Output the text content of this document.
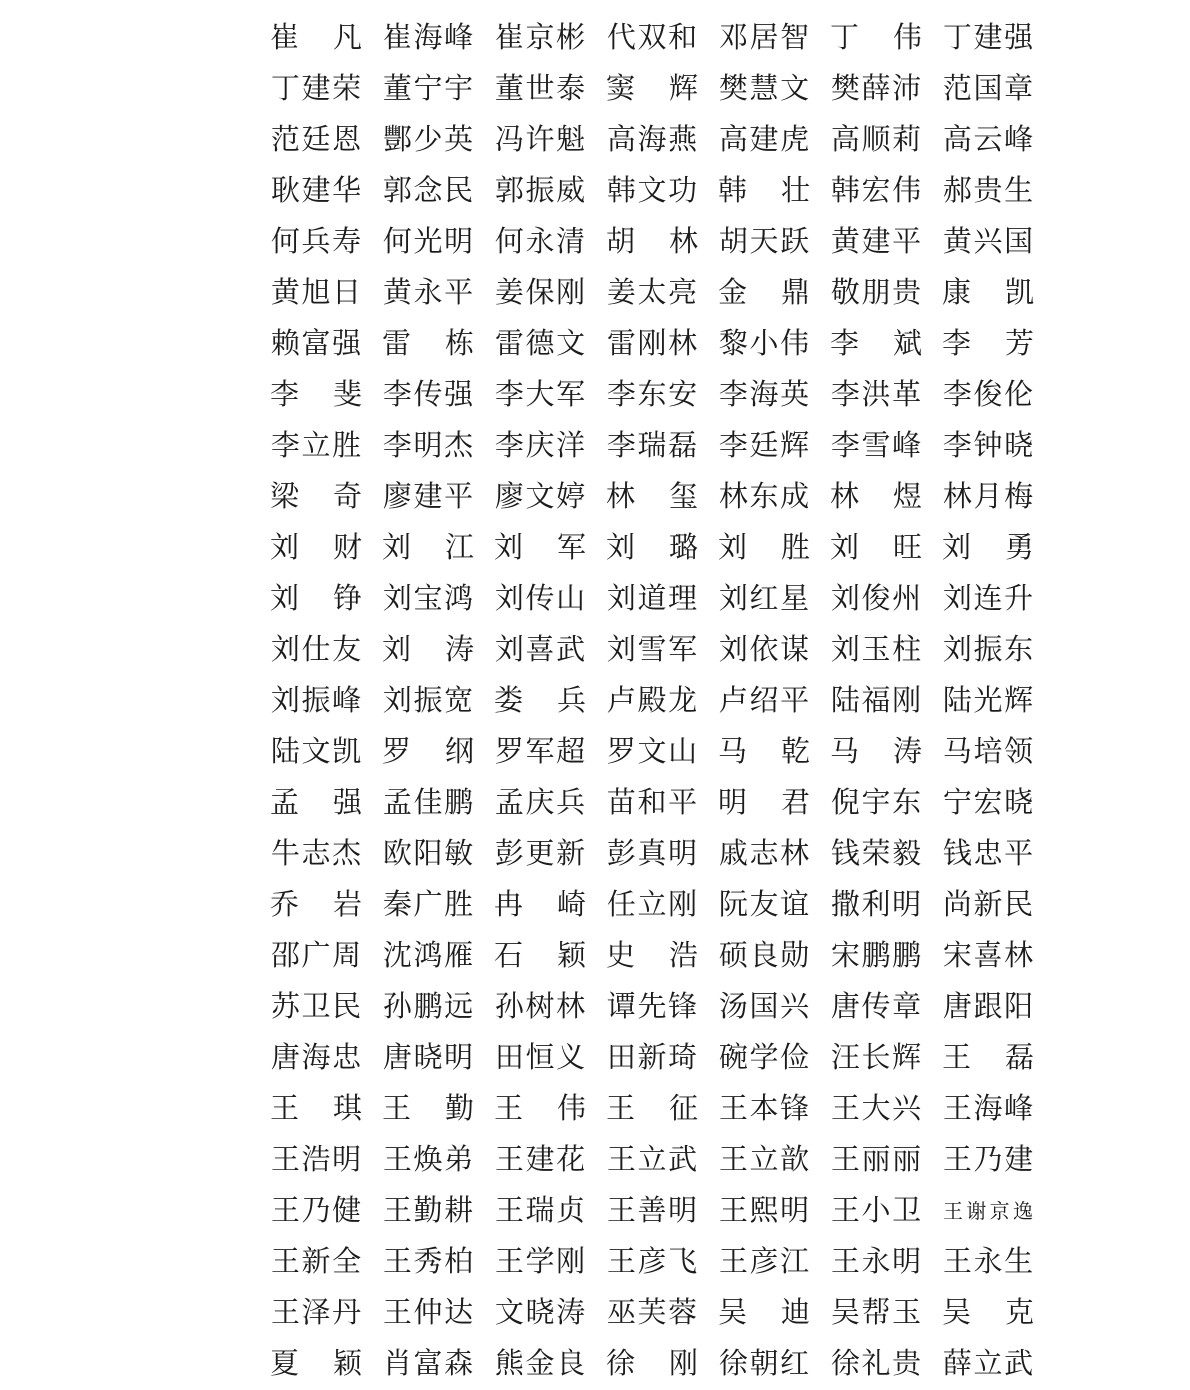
崔 凡 崔 海 峰 崔 京 彬 代 双 和 邓 居 智 丁 伟 丁 建 强
丁 建 荣 董 宁 宇 董 世 泰 窦 辉 樊 慧 文 樊 薛 沛 范 国 章
范 廷 恩 酆 少 英 冯 许 魁 高 海 燕 高 建 虎 高 顺 莉 高 云 峰
耿 建 华 郭 念 民 郭 振 威 韩 文 功 韩 壮 韩 宏 伟 郝 贵 生
何 兵 寿 何 光 明 何 永 清 胡 林 胡 天 跃 黄 建 平 黄 兴 国
黄 旭 日 黄 永 平 姜 保 刚 姜 太 亮 金 鼎 敬 朋 贵 康 凯
赖 富 强 雷 栋 雷 德 文 雷 刚 林 黎 小 伟 李 斌 李 芳
李 斐 李 传 强 李 大 军 李 东 安 李 海 英 李 洪 革 李 俊 伦
李 立 胜 李 明 杰 李 庆 洋 李 瑞 磊 李 廷 辉 李 雪 峰 李 钟 晓
梁 奇 廖 建 平 廖 文 婷 林 玺 林 东 成 林 煜 林 月 梅
刘 财 刘 江 刘 军 刘 璐 刘 胜 刘 旺 刘 勇
刘 铮 刘 宝 鸿 刘 传 山 刘 道 理 刘 红 星 刘 俊 州 刘 连 升
刘 仕 友 刘 涛 刘 喜 武 刘 雪 军 刘 依 谋 刘 玉 柱 刘 振 东
刘 振 峰 刘 振 宽 娄 兵 卢 殿 龙 卢 绍 平 陆 福 刚 陆 光 辉
陆 文 凯 罗 纲 罗 军 超 罗 文 山 马 乾 马 涛 马 培 领
孟 强 孟 佳 鹏 孟 庆 兵 苗 和 平 明 君 倪 宇 东 宁 宏 晓
牛 志 杰 欧 阳 敏 彭 更 新 彭 真 明 戚 志 林 钱 荣 毅 钱 忠 平
乔 岩 秦 广 胜 冉 崎 任 立 刚 阮 友 谊 撒 利 明 尚 新 民
邵 广 周 沈 鸿 雁 石 颖 史 浩 硕 良 勋 宋 鹏 鹏 宋 喜 林
苏 卫 民 孙 鹏 远 孙 树 林 谭 先 锋 汤 国 兴 唐 传 章 唐 跟 阳
唐 海 忠 唐 晓 明 田 恒 义 田 新 琦 碗 学 俭 汪 长 辉 王 磊
王 琪 王 勤 王 伟 王 征 王 本 锋 王 大 兴 王 海 峰
王 浩 明 王 焕 弟 王 建 花 王 立 武 王 立 歆 王 丽 丽 王 乃 建
王 乃 健 王 勤 耕 王 瑞 贞 王 善 明 王 熙 明 王 小 卫 王 谢 京 逸
王 新 全 王 秀 柏 王 学 刚 王 彦 飞 王 彦 江 王 永 明 王 永 生
王 泽 丹 王 仲 达 文 晓 涛 巫 芙 蓉 吴 迪 吴 帮 玉 吴 克
夏 颖 肖 富 森 熊 金 良 徐 刚 徐 朝 红 徐 礼 贵 薛 立 武
